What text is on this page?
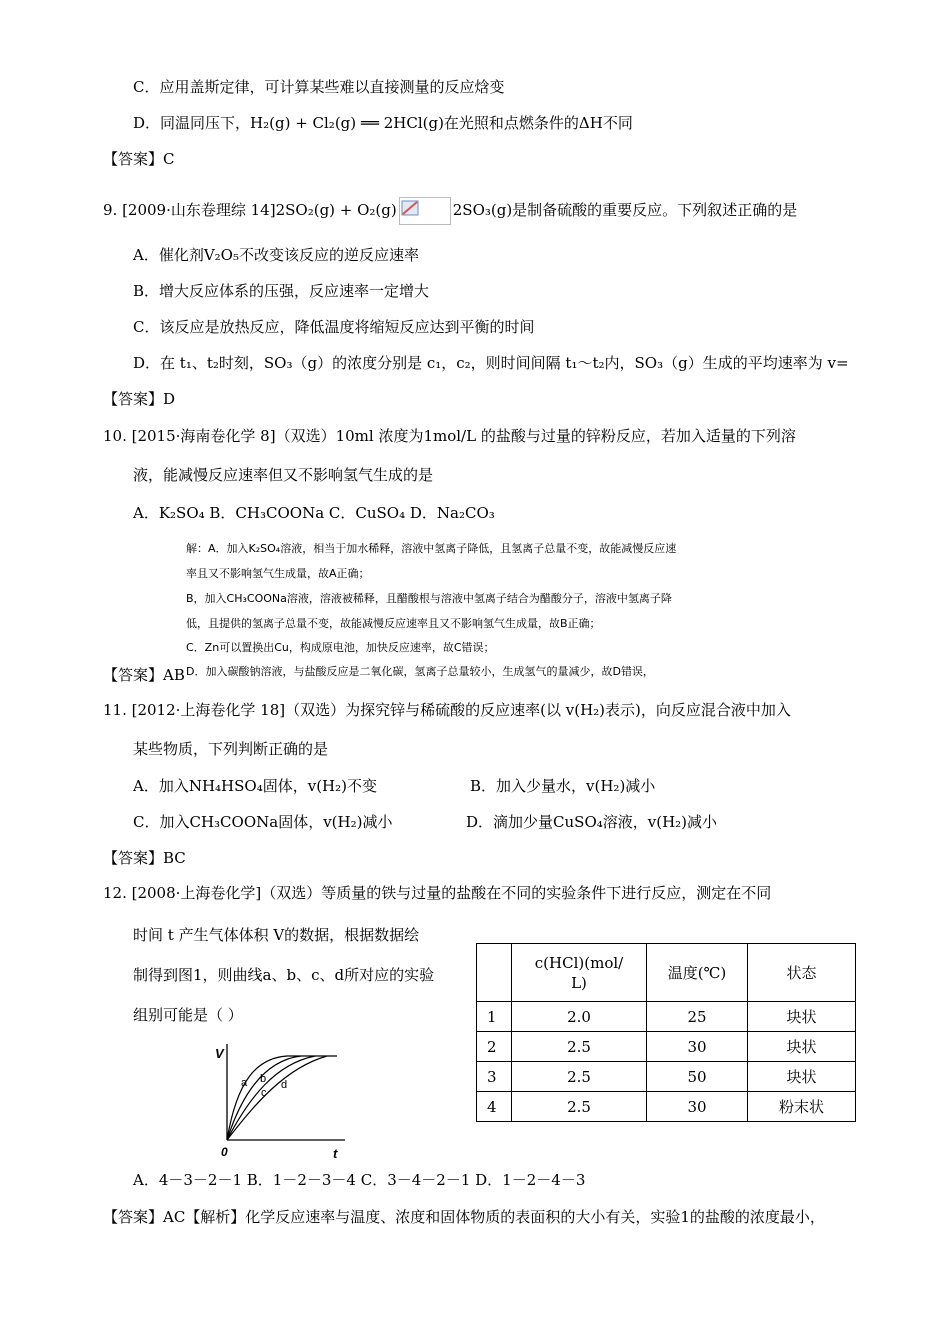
C．应用盖斯定律，可计算某些难以直接测量的反应焓变
D．同温同压下，H₂(g) + Cl₂(g) ══ 2HCl(g)在光照和点燃条件的ΔH不同
【答案】C
9. [2009·山东卷理综 14]2SO₂(g) + O₂(g)	2SO₃(g)是制备硫酸的重要反应。下列叙述正确的是
A．催化剂V₂O₅不改变该反应的逆反应速率
B．增大反应体系的压强，反应速率一定增大
C．该反应是放热反应，降低温度将缩短反应达到平衡的时间
D．在 t₁、t₂时刻，SO₃（g）的浓度分别是 c₁，c₂，则时间间隔 t₁～t₂内，SO₃（g）生成的平均速率为 v=
【答案】D
10. [2015·海南卷化学 8]（双选）10ml 浓度为1mol/L 的盐酸与过量的锌粉反应，若加入适量的下列溶
液，能减慢反应速率但又不影响氢气生成的是
A．K₂SO₄ B．CH₃COONa C．CuSO₄ D．Na₂CO₃
解：A．加入K₂SO₄溶液，相当于加水稀释，溶液中氢离子降低，且氢离子总量不变，故能减慢反应速
率且又不影响氢气生成量，故A正确；
B，加入CH₃COONa溶液，溶液被稀释，且醋酸根与溶液中氢离子结合为醋酸分子，溶液中氢离子降
低，且提供的氢离子总量不变，故能减慢反应速率且又不影响氢气生成量，故B正确；
C．Zn可以置换出Cu，构成原电池，加快反应速率，故C错误；
【答案】AB D．加入碳酸钠溶液，与盐酸反应是二氧化碳，氢离子总量较小，生成氢气的量减少，故D错误，
11. [2012·上海卷化学 18]（双选）为探究锌与稀硫酸的反应速率(以 v(H₂)表示)，向反应混合液中加入
某些物质，下列判断正确的是
A．加入NH₄HSO₄固体，v(H₂)不变	B．加入少量水，v(H₂)减小
C．加入CH₃COONa固体，v(H₂)减小	D．滴加少量CuSO₄溶液，v(H₂)减小
【答案】BC
12. [2008·上海卷化学]（双选）等质量的铁与过量的盐酸在不同的实验条件下进行反应，测定在不同
时间 t 产生气体体积 V的数据，根据数据绘
制得到图1，则曲线a、b、c、d所对应的实验
组别可能是（ ）
	c(HCl)(mol/L)	温度(℃)	状态
1	2.0	25	块状
2	2.5	30	块状
3	2.5	50	块状
4	2.5	30	粉末状
V
t
0
a b
c
d
A．4－3－2－1 B．1－2－3－4 C．3－4－2－1 D．1－2－4－3
【答案】AC【解析】化学反应速率与温度、浓度和固体物质的表面积的大小有关，实验1的盐酸的浓度最小，
